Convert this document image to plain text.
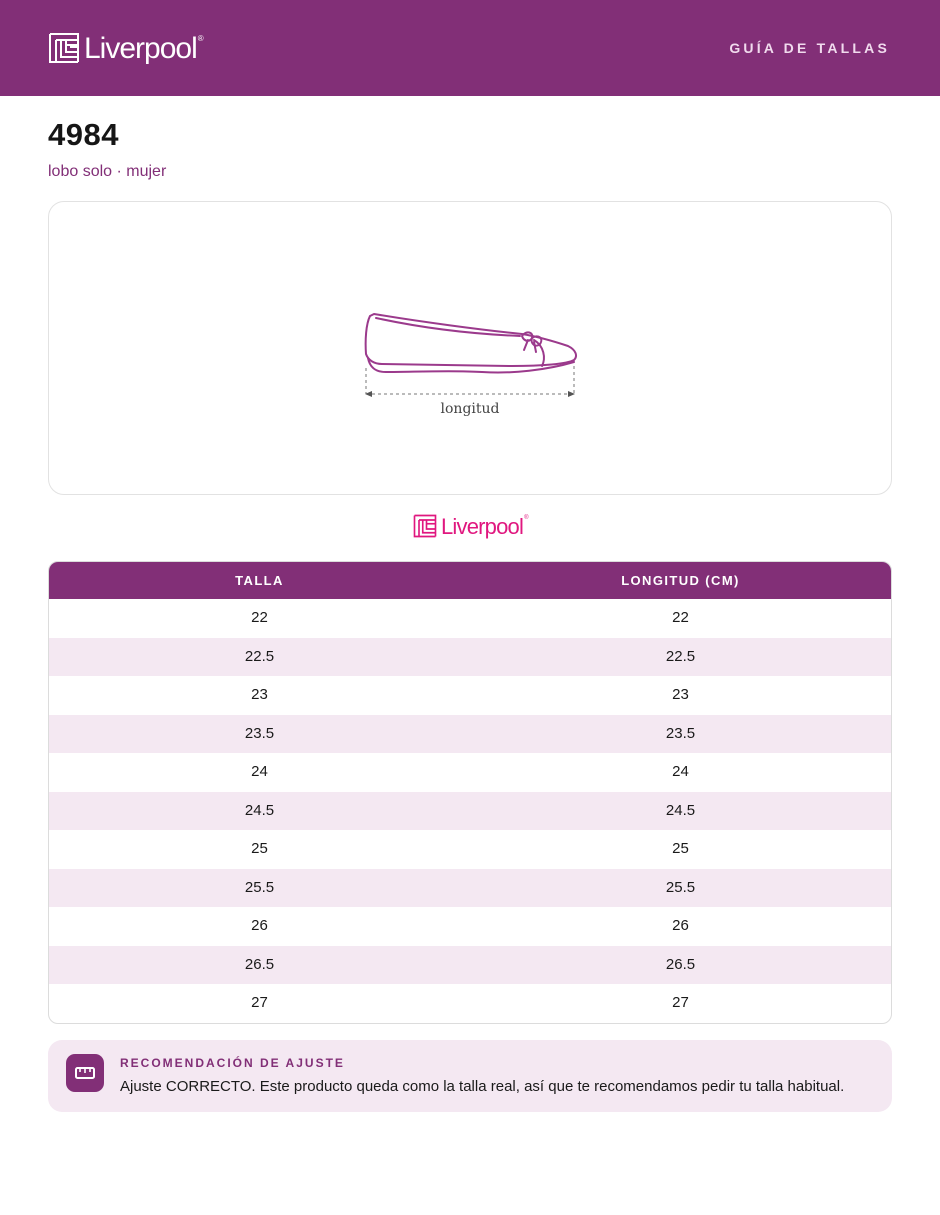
Liverpool ®
GUÍA DE TALLAS
4984
lobo solo · mujer
longitud
Liverpool ®
TALLA	LONGITUD (CM)
22	22
22.5	22.5
23	23
23.5	23.5
24	24
24.5	24.5
25	25
25.5	25.5
26	26
26.5	26.5
27	27
RECOMENDACIÓN DE AJUSTE
Ajuste CORRECTO. Este producto queda como la talla real, así que te recomendamos pedir tu talla habitual.
